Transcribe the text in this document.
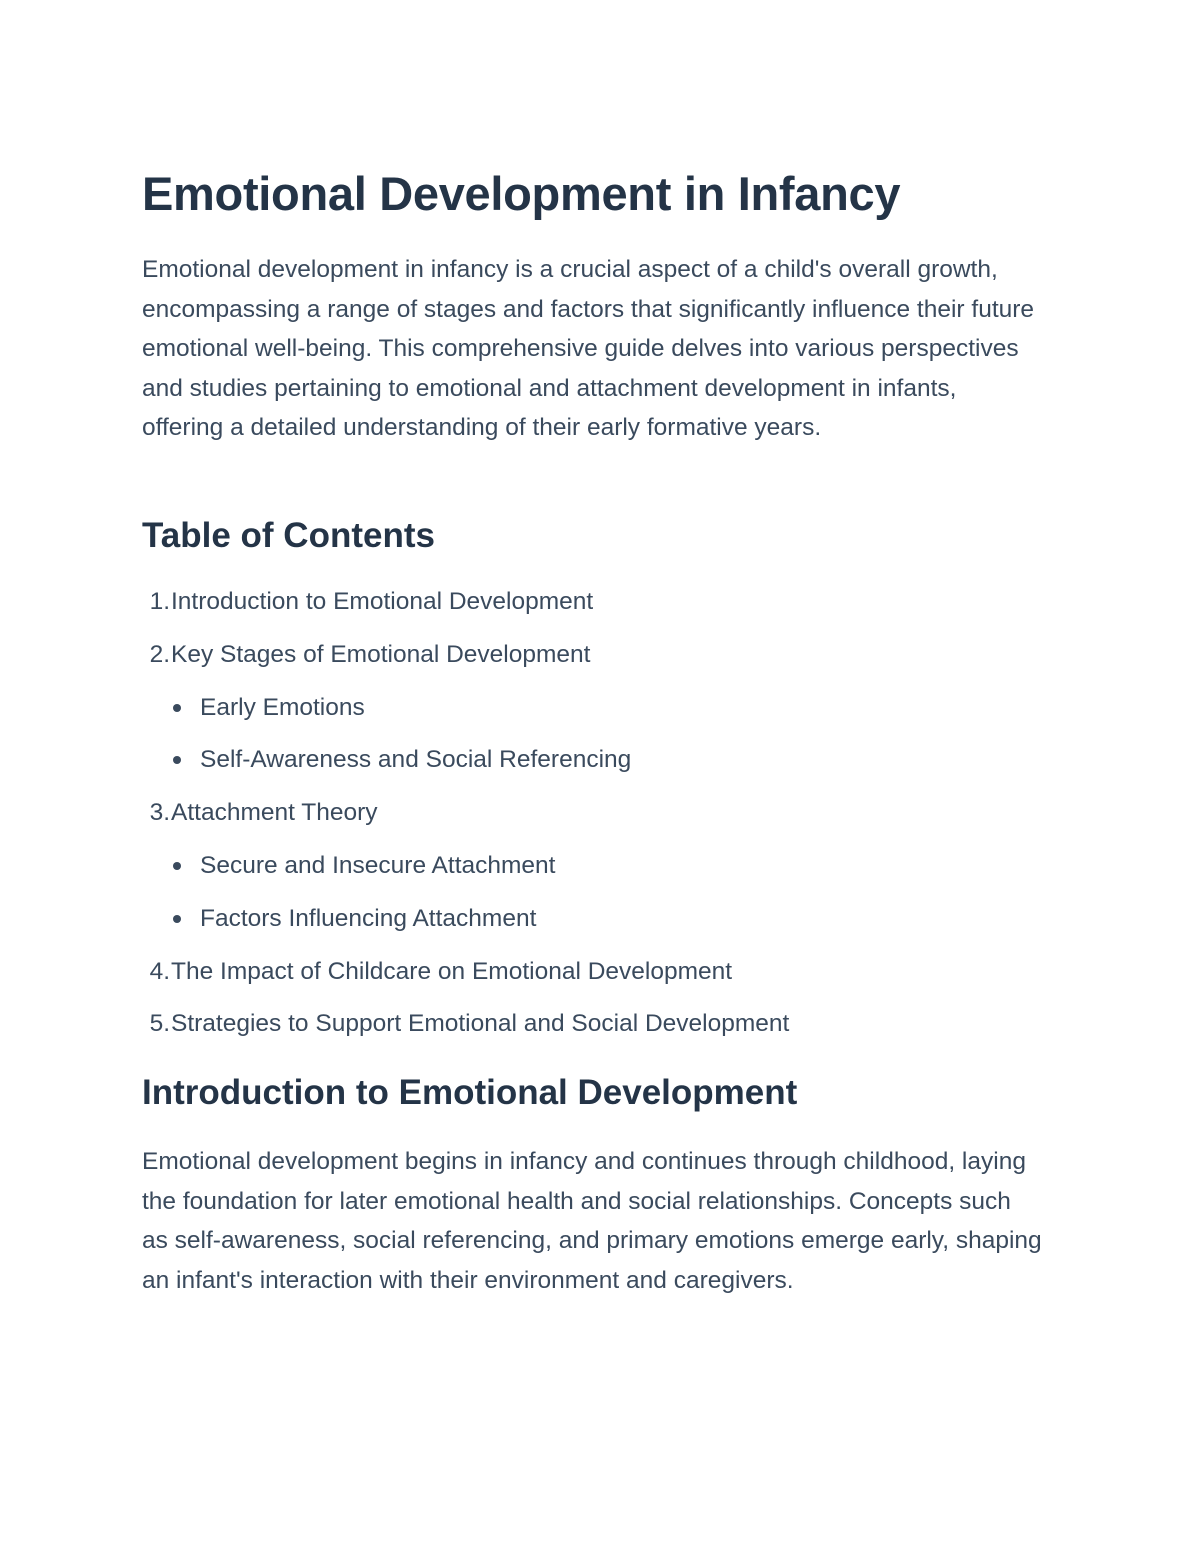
Emotional Development in Infancy

Emotional development in infancy is a crucial aspect of a child's overall growth, encompassing a range of stages and factors that significantly influence their future emotional well-being. This comprehensive guide delves into various perspectives and studies pertaining to emotional and attachment development in infants, offering a detailed understanding of their early formative years.

Table of Contents
1. Introduction to Emotional Development
2. Key Stages of Emotional Development
Early Emotions
Self-Awareness and Social Referencing
3. Attachment Theory
Secure and Insecure Attachment
Factors Influencing Attachment
4. The Impact of Childcare on Emotional Development
5. Strategies to Support Emotional and Social Development
Introduction to Emotional Development

Emotional development begins in infancy and continues through childhood, laying the foundation for later emotional health and social relationships. Concepts such as self-awareness, social referencing, and primary emotions emerge early, shaping an infant's interaction with their environment and caregivers.
